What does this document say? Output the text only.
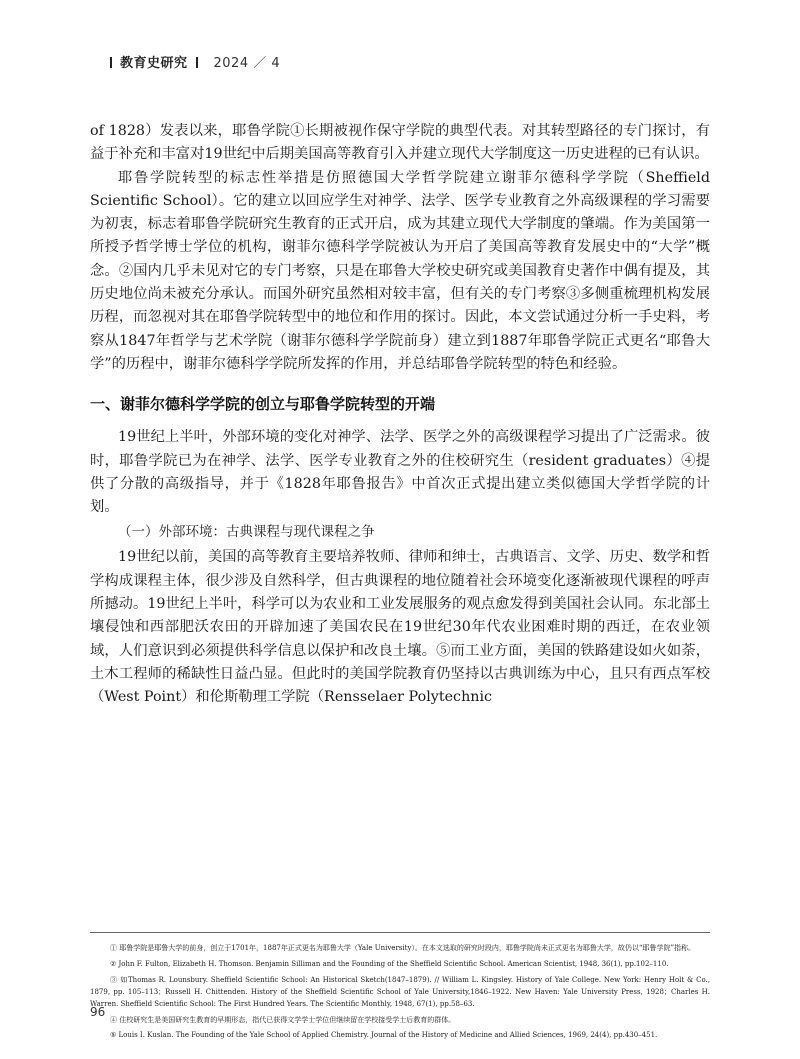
教育史研究 2024 ／ 4

of 1828）发表以来，耶鲁学院①长期被视作保守学院的典型代表。对其转型路径的专门探讨，有益于补充和丰富对19世纪中后期美国高等教育引入并建立现代大学制度这一历史进程的已有认识。

耶鲁学院转型的标志性举措是仿照德国大学哲学院建立谢菲尔德科学学院（Sheffield Scientific School）。它的建立以回应学生对神学、法学、医学专业教育之外高级课程的学习需要为初衷，标志着耶鲁学院研究生教育的正式开启，成为其建立现代大学制度的肇端。作为美国第一所授予哲学博士学位的机构，谢菲尔德科学学院被认为开启了美国高等教育发展史中的“大学”概念。②国内几乎未见对它的专门考察，只是在耶鲁大学校史研究或美国教育史著作中偶有提及，其历史地位尚未被充分承认。而国外研究虽然相对较丰富，但有关的专门考察③多侧重梳理机构发展历程，而忽视对其在耶鲁学院转型中的地位和作用的探讨。因此，本文尝试通过分析一手史料，考察从1847年哲学与艺术学院（谢菲尔德科学学院前身）建立到1887年耶鲁学院正式更名“耶鲁大学”的历程中，谢菲尔德科学学院所发挥的作用，并总结耶鲁学院转型的特色和经验。

一、谢菲尔德科学学院的创立与耶鲁学院转型的开端

19世纪上半叶，外部环境的变化对神学、法学、医学之外的高级课程学习提出了广泛需求。彼时，耶鲁学院已为在神学、法学、医学专业教育之外的住校研究生（resident graduates）④提供了分散的高级指导，并于《1828年耶鲁报告》中首次正式提出建立类似德国大学哲学院的计划。

（一）外部环境：古典课程与现代课程之争

19世纪以前，美国的高等教育主要培养牧师、律师和绅士，古典语言、文学、历史、数学和哲学构成课程主体，很少涉及自然科学，但古典课程的地位随着社会环境变化逐渐被现代课程的呼声所撼动。19世纪上半叶，科学可以为农业和工业发展服务的观点愈发得到美国社会认同。东北部土壤侵蚀和西部肥沃农田的开辟加速了美国农民在19世纪30年代农业困难时期的西迁，在农业领域，人们意识到必须提供科学信息以保护和改良土壤。⑤而工业方面，美国的铁路建设如火如荼，土木工程师的稀缺性日益凸显。但此时的美国学院教育仍坚持以古典训练为中心，且只有西点军校（West Point）和伦斯勒理工学院（Rensselaer Polytechnic

① 耶鲁学院是耶鲁大学的前身，创立于1701年，1887年正式更名为耶鲁大学（Yale University）。在本文选取的研究时段内，耶鲁学院尚未正式更名为耶鲁大学，故仍以“耶鲁学院”指称。

② John F. Fulton, Elizabeth H. Thomson. Benjamin Silliman and the Founding of the Sheffield Scientific School. American Scientist, 1948, 36(1), pp.102–110.

③ 如Thomas R. Lounsbury. Sheffield Scientific School: An Historical Sketch(1847–1879). // William L. Kingsley. History of Yale College. New York: Henry Holt & Co., 1879, pp. 105–113；Russell H. Chittenden. History of the Sheffield Scientific School of Yale University,1846–1922. New Haven: Yale University Press, 1928；Charles H. Warren. Sheffield Scientific School: The First Hundred Years. The Scientific Monthly, 1948, 67(1), pp.58–63.

④ 住校研究生是美国研究生教育的早期形态，指代已获得文学学士学位但继续留在学校接受学士后教育的群体。

⑤ Louis I. Kuslan. The Founding of the Yale School of Applied Chemistry. Journal of the History of Medicine and Allied Sciences, 1969, 24(4), pp.430–451.

96
